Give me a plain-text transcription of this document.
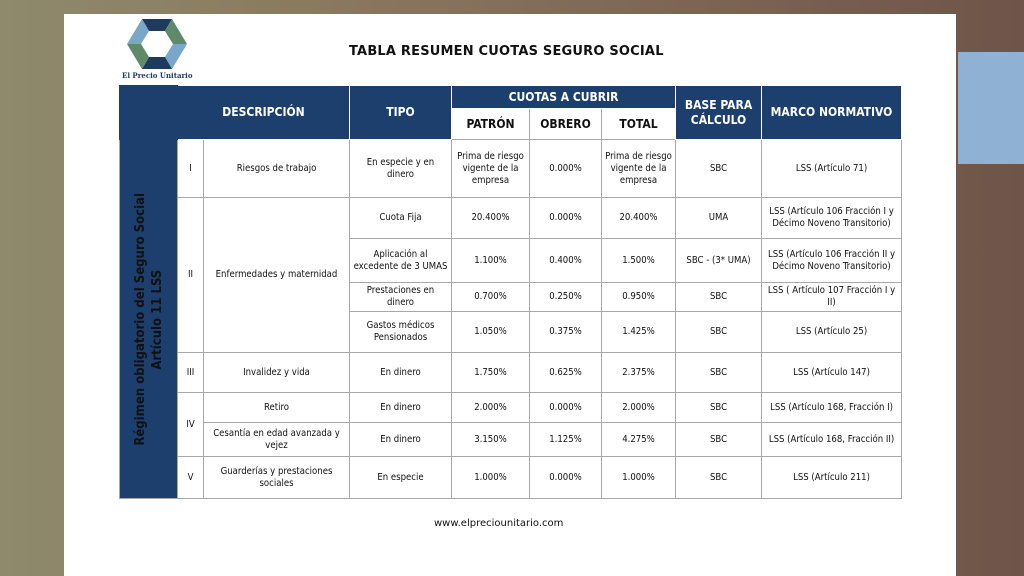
El Precio Unitario
TABLA RESUMEN CUOTAS SEGURO SOCIAL
	DESCRIPCIÓN		TIPO	CUOTAS A CUBRIR			BASE PARA CÁLCULO	MARCO NORMATIVO
				PATRÓN	OBRERO	TOTAL		

Régimen obligatorio del Seguro Social Artículo 11 LSS	I	Riesgos de trabajo	En especie y en dinero	Prima de riesgo vigente de la empresa	0.000%	Prima de riesgo vigente de la empresa	SBC	LSS (Artículo 71)
	II	Enfermedades y maternidad	Cuota Fija	20.400%	0.000%	20.400%	UMA	LSS (Artículo 106 Fracción I y Décimo Noveno Transitorio)
			Aplicación al excedente de 3 UMAS	1.100%	0.400%	1.500%	SBC - (3* UMA)	LSS (Artículo 106 Fracción II y Décimo Noveno Transitorio)
			Prestaciones en dinero	0.700%	0.250%	0.950%	SBC	LSS ( Artículo 107 Fracción I y II)
			Gastos médicos Pensionados	1.050%	0.375%	1.425%	SBC	LSS (Artículo 25)
	III	Invalidez y vida	En dinero	1.750%	0.625%	2.375%	SBC	LSS (Artículo 147)
	IV	Retiro	En dinero	2.000%	0.000%	2.000%	SBC	LSS (Artículo 168, Fracción I)
		Cesantía en edad avanzada y vejez	En dinero	3.150%	1.125%	4.275%	SBC	LSS (Artículo 168, Fracción II)
	V	Guarderías y prestaciones sociales	En especie	1.000%	0.000%	1.000%	SBC	LSS (Artículo 211)
www.elpreciounitario.com
